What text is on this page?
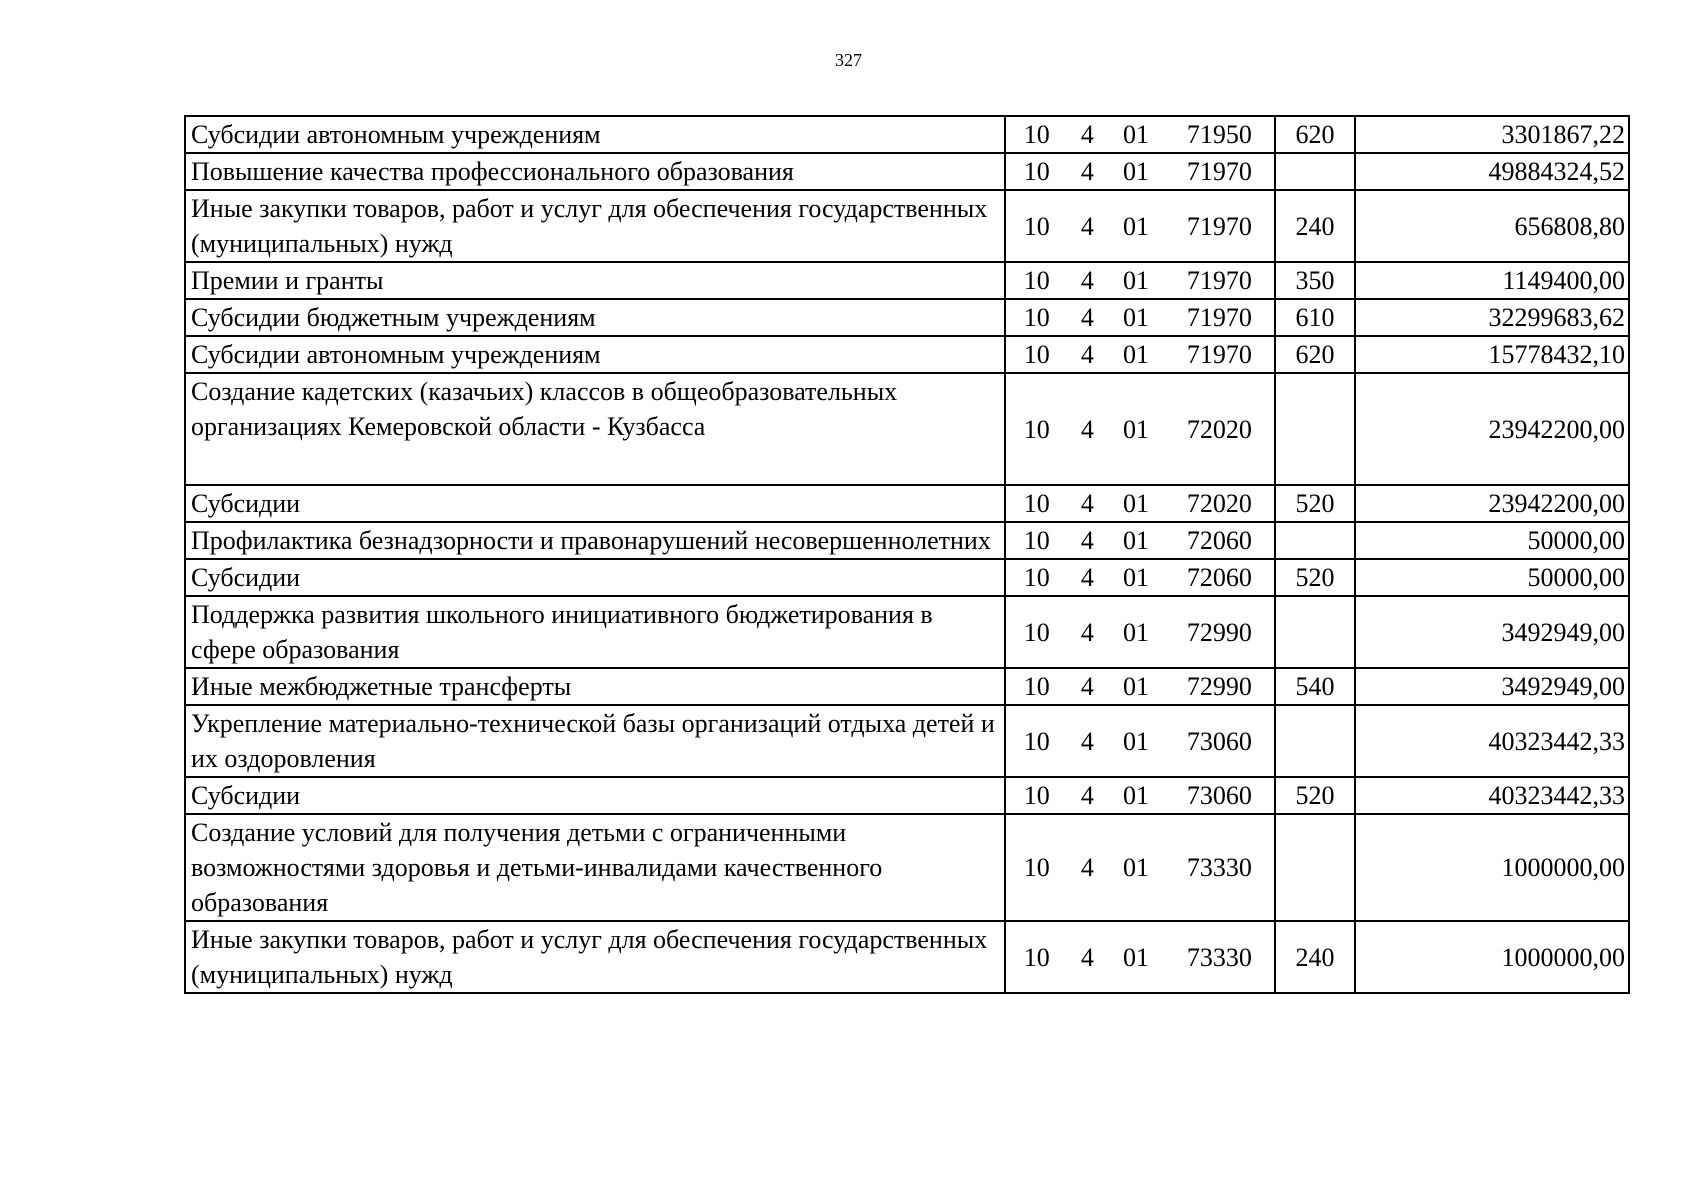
327
Субсидии автономным учреждениям	10 4 01 71950	620	3301867,22
Повышение качества профессионального образования	10 4 01 71970		49884324,52
Иные закупки товаров, работ и услуг для обеспечения государственных (муниципальных) нужд	10 4 01 71970	240	656808,80
Премии и гранты	10 4 01 71970	350	1149400,00
Субсидии бюджетным учреждениям	10 4 01 71970	610	32299683,62
Субсидии автономным учреждениям	10 4 01 71970	620	15778432,10
Создание кадетских (казачьих) классов в общеобразовательных организациях Кемеровской области - Кузбасса	10 4 01 72020		23942200,00
Субсидии	10 4 01 72020	520	23942200,00
Профилактика безнадзорности и правонарушений несовершеннолетних	10 4 01 72060		50000,00
Субсидии	10 4 01 72060	520	50000,00
Поддержка развития школьного инициативного бюджетирования в сфере образования	10 4 01 72990		3492949,00
Иные межбюджетные трансферты	10 4 01 72990	540	3492949,00
Укрепление материально-технической базы организаций отдыха детей и их оздоровления	10 4 01 73060		40323442,33
Субсидии	10 4 01 73060	520	40323442,33
Создание условий для получения детьми с ограниченными возможностями здоровья и детьми-инвалидами качественного образования	10 4 01 73330		1000000,00
Иные закупки товаров, работ и услуг для обеспечения государственных (муниципальных) нужд	10 4 01 73330	240	1000000,00
